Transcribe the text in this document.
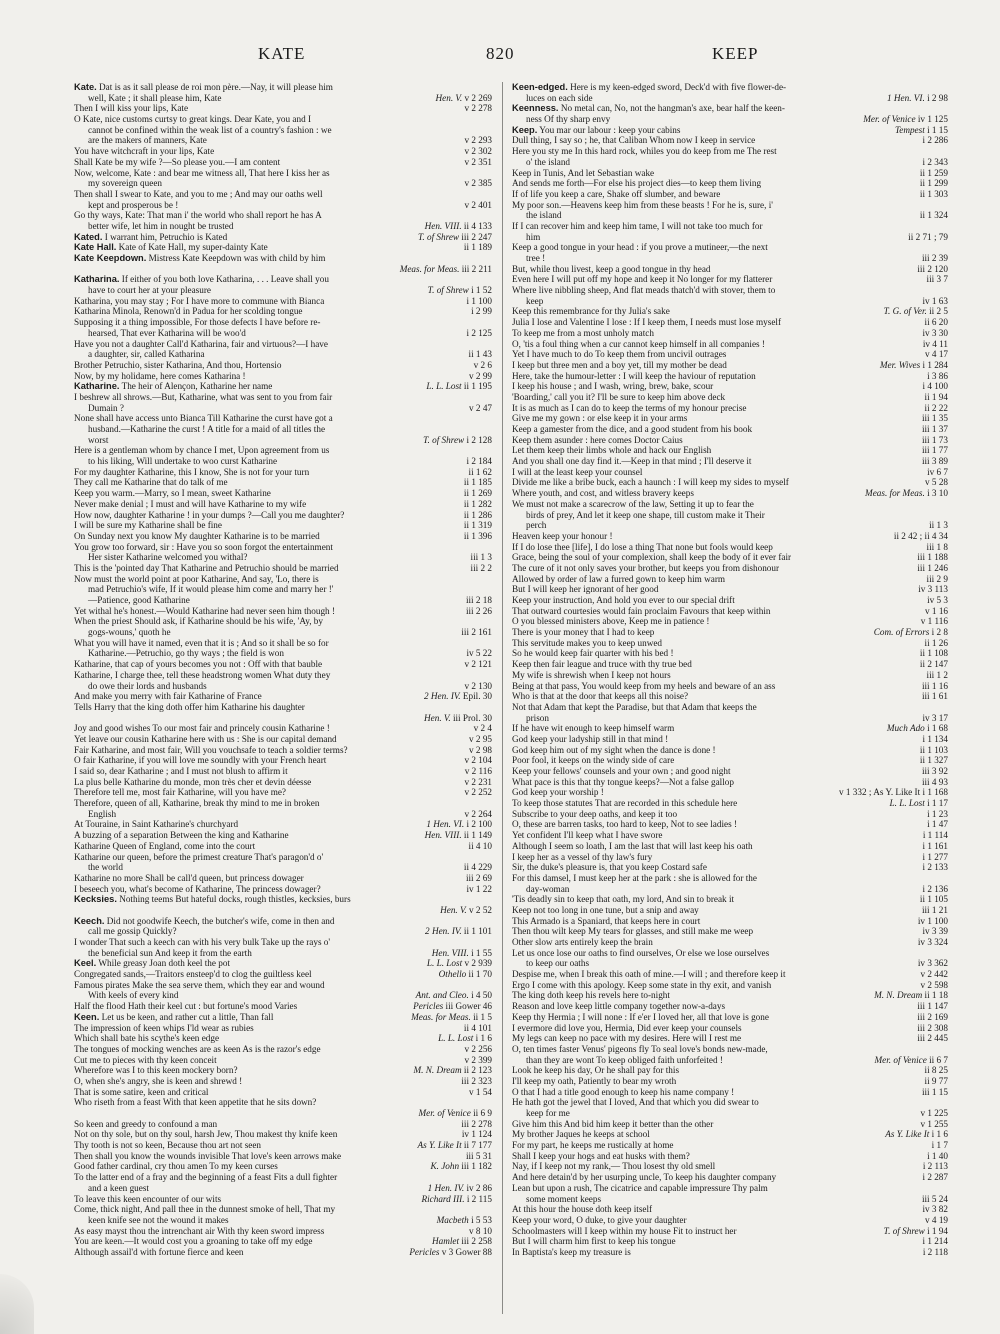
KATE	820	KEEP
Kate. Dat is as it sall please de roi mon père.—Nay, it will please him
well, Kate ; it shall please him, Kate	Hen. V. v 2 269
Then I will kiss your lips, Kate	v 2 278
O Kate, nice customs curtsy to great kings. Dear Kate, you and I
cannot be confined within the weak list of a country's fashion : we
are the makers of manners, Kate	v 2 293
You have witchcraft in your lips, Kate	v 2 302
Shall Kate be my wife ?—So please you.—I am content	v 2 351
Now, welcome, Kate : and bear me witness all, That here I kiss her as
my sovereign queen	v 2 385
Then shall I swear to Kate, and you to me ; And may our oaths well
kept and prosperous be !	v 2 401
Go thy ways, Kate: That man i' the world who shall report he has A
better wife, let him in nought be trusted	Hen. VIII. ii 4 133
Kated. I warrant him, Petruchio is Kated	T. of Shrew iii 2 247
Kate Hall. Kate of Kate Hall, my super-dainty Kate	ii 1 189
Kate Keepdown. Mistress Kate Keepdown was with child by him
Meas. for Meas. iii 2 211
Katharina. If either of you both love Katharina, . . . Leave shall you
have to court her at your pleasure	T. of Shrew i 1 52
Katharina, you may stay ; For I have more to commune with Bianca	i 1 100
Katharina Minola, Renown'd in Padua for her scolding tongue	i 2 99
Supposing it a thing impossible, For those defects I have before re-
hearsed, That ever Katharina will be woo'd	i 2 125
Have you not a daughter Call'd Katharina, fair and virtuous?—I have
a daughter, sir, called Katharina	ii 1 43
Brother Petruchio, sister Katharina, And thou, Hortensio	v 2 6
Now, by my holidame, here comes Katharina !	v 2 99
Katharine. The heir of Alençon, Katharine her name	L. L. Lost ii 1 195
I beshrew all shrows.—But, Katharine, what was sent to you from fair
Dumain ?	v 2 47
None shall have access unto Bianca Till Katharine the curst have got a
husband.—Katharine the curst ! A title for a maid of all titles the
worst	T. of Shrew i 2 128
Here is a gentleman whom by chance I met, Upon agreement from us
to his liking, Will undertake to woo curst Katharine	i 2 184
For my daughter Katharine, this I know, She is not for your turn	ii 1 62
They call me Katharine that do talk of me	ii 1 185
Keep you warm.—Marry, so I mean, sweet Katharine	ii 1 269
Never make denial ; I must and will have Katharine to my wife	ii 1 282
How now, daughter Katharine ! in your dumps ?—Call you me daughter?	ii 1 286
I will be sure my Katharine shall be fine	ii 1 319
On Sunday next you know My daughter Katharine is to be married	ii 1 396
You grow too forward, sir : Have you so soon forgot the entertainment
Her sister Katharine welcomed you withal?	iii 1 3
This is the 'pointed day That Katharine and Petruchio should be married	iii 2 2
Now must the world point at poor Katharine, And say, 'Lo, there is
mad Petruchio's wife, If it would please him come and marry her !'
—Patience, good Katharine	iii 2 18
Yet withal he's honest.—Would Katharine had never seen him though !	iii 2 26
When the priest Should ask, if Katharine should be his wife, 'Ay, by
gogs-wouns,' quoth he	iii 2 161
What you will have it named, even that it is ; And so it shall be so for
Katharine.—Petruchio, go thy ways ; the field is won	iv 5 22
Katharine, that cap of yours becomes you not : Off with that bauble	v 2 121
Katharine, I charge thee, tell these headstrong women What duty they
do owe their lords and husbands	v 2 130
And make you merry with fair Katharine of France	2 Hen. IV. Epil. 30
Tells Harry that the king doth offer him Katharine his daughter
Hen. V. iii Prol. 30
Joy and good wishes To our most fair and princely cousin Katharine !	v 2 4
Yet leave our cousin Katharine here with us : She is our capital demand	v 2 95
Fair Katharine, and most fair, Will you vouchsafe to teach a soldier terms?	v 2 98
O fair Katharine, if you will love me soundly with your French heart	v 2 104
I said so, dear Katharine ; and I must not blush to affirm it	v 2 116
La plus belle Katharine du monde, mon très cher et devin déesse	v 2 231
Therefore tell me, most fair Katharine, will you have me?	v 2 252
Therefore, queen of all, Katharine, break thy mind to me in broken
English	v 2 264
At Touraine, in Saint Katharine's churchyard	1 Hen. VI. i 2 100
A buzzing of a separation Between the king and Katharine	Hen. VIII. ii 1 149
Katharine Queen of England, come into the court	ii 4 10
Katharine our queen, before the primest creature That's paragon'd o'
the world	ii 4 229
Katharine no more Shall be call'd queen, but princess dowager	iii 2 69
I beseech you, what's become of Katharine, The princess dowager?	iv 1 22
Kecksies. Nothing teems But hateful docks, rough thistles, kecksies, burs
Hen. V. v 2 52
Keech. Did not goodwife Keech, the butcher's wife, come in then and
call me gossip Quickly?	2 Hen. IV. ii 1 101
I wonder That such a keech can with his very bulk Take up the rays o'
the beneficial sun And keep it from the earth	Hen. VIII. i 1 55
Keel. While greasy Joan doth keel the pot	L. L. Lost v 2 939
Congregated sands,—Traitors ensteep'd to clog the guiltless keel	Othello ii 1 70
Famous pirates Make the sea serve them, which they ear and wound
With keels of every kind	Ant. and Cleo. i 4 50
Half the flood Hath their keel cut : but fortune's mood Varies	Pericles iii Gower 46
Keen. Let us be keen, and rather cut a little, Than fall	Meas. for Meas. ii 1 5
The impression of keen whips I'ld wear as rubies	ii 4 101
Which shall bate his scythe's keen edge	L. L. Lost i 1 6
The tongues of mocking wenches are as keen As is the razor's edge	v 2 256
Cut me to pieces with thy keen conceit	v 2 399
Wherefore was I to this keen mockery born?	M. N. Dream ii 2 123
O, when she's angry, she is keen and shrewd !	iii 2 323
That is some satire, keen and critical	v 1 54
Who riseth from a feast With that keen appetite that he sits down?
Mer. of Venice ii 6 9
So keen and greedy to confound a man	iii 2 278
Not on thy sole, but on thy soul, harsh Jew, Thou makest thy knife keen	iv 1 124
Thy tooth is not so keen, Because thou art not seen	As Y. Like It ii 7 177
Then shall you know the wounds invisible That love's keen arrows make	iii 5 31
Good father cardinal, cry thou amen To my keen curses	K. John iii 1 182
To the latter end of a fray and the beginning of a feast Fits a dull fighter
and a keen guest	1 Hen. IV. iv 2 86
To leave this keen encounter of our wits	Richard III. i 2 115
Come, thick night, And pall thee in the dunnest smoke of hell, That my
keen knife see not the wound it makes	Macbeth i 5 53
As easy mayst thou the intrenchant air With thy keen sword impress	v 8 10
You are keen.—It would cost you a groaning to take off my edge	Hamlet iii 2 258
Although assail'd with fortune fierce and keen	Pericles v 3 Gower 88
Keen-edged. Here is my keen-edged sword, Deck'd with five flower-de-
luces on each side	1 Hen. VI. i 2 98
Keenness. No metal can, No, not the hangman's axe, bear half the keen-
ness Of thy sharp envy	Mer. of Venice iv 1 125
Keep. You mar our labour : keep your cabins	Tempest i 1 15
Dull thing, I say so ; he, that Caliban Whom now I keep in service	i 2 286
Here you sty me In this hard rock, whiles you do keep from me The rest
o' the island	i 2 343
Keep in Tunis, And let Sebastian wake	ii 1 259
And sends me forth—For else his project dies—to keep them living	ii 1 299
If of life you keep a care, Shake off slumber, and beware	ii 1 303
My poor son.—Heavens keep him from these beasts ! For he is, sure, i'
the island	ii 1 324
If I can recover him and keep him tame, I will not take too much for
him	ii 2 71 ; 79
Keep a good tongue in your head : if you prove a mutineer,—the next
tree !	iii 2 39
But, while thou livest, keep a good tongue in thy head	iii 2 120
Even here I will put off my hope and keep it No longer for my flatterer	iii 3 7
Where live nibbling sheep, And flat meads thatch'd with stover, them to
keep	iv 1 63
Keep this remembrance for thy Julia's sake	T. G. of Ver. ii 2 5
Julia I lose and Valentine I lose : If I keep them, I needs must lose myself	ii 6 20
To keep me from a most unholy match	iv 3 30
O, 'tis a foul thing when a cur cannot keep himself in all companies !	iv 4 11
Yet I have much to do To keep them from uncivil outrages	v 4 17
I keep but three men and a boy yet, till my mother be dead	Mer. Wives i 1 284
Here, take the humour-letter : I will keep the haviour of reputation	i 3 86
I keep his house ; and I wash, wring, brew, bake, scour	i 4 100
'Boarding,' call you it? I'll be sure to keep him above deck	ii 1 94
It is as much as I can do to keep the terms of my honour precise	ii 2 22
Give me my gown : or else keep it in your arms	iii 1 35
Keep a gamester from the dice, and a good student from his book	iii 1 37
Keep them asunder : here comes Doctor Caius	iii 1 73
Let them keep their limbs whole and hack our English	iii 1 77
And you shall one day find it.—Keep in that mind ; I'll deserve it	iii 3 89
I will at the least keep your counsel	iv 6 7
Divide me like a bribe buck, each a haunch : I will keep my sides to myself	v 5 28
Where youth, and cost, and witless bravery keeps	Meas. for Meas. i 3 10
We must not make a scarecrow of the law, Setting it up to fear the
birds of prey, And let it keep one shape, till custom make it Their
perch	ii 1 3
Heaven keep your honour !	ii 2 42 ; ii 4 34
If I do lose thee [life], I do lose a thing That none but fools would keep	iii 1 8
Grace, being the soul of your complexion, shall keep the body of it ever fair	iii 1 188
The cure of it not only saves your brother, but keeps you from dishonour	iii 1 246
Allowed by order of law a furred gown to keep him warm	iii 2 9
But I will keep her ignorant of her good	iv 3 113
Keep your instruction, And hold you ever to our special drift	iv 5 3
That outward courtesies would fain proclaim Favours that keep within	v 1 16
O you blessed ministers above, Keep me in patience !	v 1 116
There is your money that I had to keep	Com. of Errors i 2 8
This servitude makes you to keep unwed	ii 1 26
So he would keep fair quarter with his bed !	ii 1 108
Keep then fair league and truce with thy true bed	ii 2 147
My wife is shrewish when I keep not hours	iii 1 2
Being at that pass, You would keep from my heels and beware of an ass	iii 1 16
Who is that at the door that keeps all this noise?	iii 1 61
Not that Adam that kept the Paradise, but that Adam that keeps the
prison	iv 3 17
If he have wit enough to keep himself warm	Much Ado i 1 68
God keep your ladyship still in that mind !	i 1 134
God keep him out of my sight when the dance is done !	ii 1 103
Poor fool, it keeps on the windy side of care	ii 1 327
Keep your fellows' counsels and your own ; and good night	iii 3 92
What pace is this that thy tongue keeps?—Not a false gallop	iii 4 93
God keep your worship !	v 1 332 ; As Y. Like It i 1 168
To keep those statutes That are recorded in this schedule here	L. L. Lost i 1 17
Subscribe to your deep oaths, and keep it too	i 1 23
O, these are barren tasks, too hard to keep, Not to see ladies !	i 1 47
Yet confident I'll keep what I have swore	i 1 114
Although I seem so loath, I am the last that will last keep his oath	i 1 161
I keep her as a vessel of thy law's fury	i 1 277
Sir, the duke's pleasure is, that you keep Costard safe	i 2 133
For this damsel, I must keep her at the park : she is allowed for the
day-woman	i 2 136
'Tis deadly sin to keep that oath, my lord, And sin to break it	ii 1 105
Keep not too long in one tune, but a snip and away	iii 1 21
This Armado is a Spaniard, that keeps here in court	iv 1 100
Then thou wilt keep My tears for glasses, and still make me weep	iv 3 39
Other slow arts entirely keep the brain	iv 3 324
Let us once lose our oaths to find ourselves, Or else we lose ourselves
to keep our oaths	iv 3 362
Despise me, when I break this oath of mine.—I will ; and therefore keep it	v 2 442
Ergo I come with this apology. Keep some state in thy exit, and vanish	v 2 598
The king doth keep his revels here to-night	M. N. Dream ii 1 18
Reason and love keep little company together now-a-days	iii 1 147
Keep thy Hermia ; I will none : If e'er I loved her, all that love is gone	iii 2 169
I evermore did love you, Hermia, Did ever keep your counsels	iii 2 308
My legs can keep no pace with my desires. Here will I rest me	iii 2 445
O, ten times faster Venus' pigeons fly To seal love's bonds new-made,
than they are wont To keep obliged faith unforfeited !	Mer. of Venice ii 6 7
Look he keep his day, Or he shall pay for this	ii 8 25
I'll keep my oath, Patiently to bear my wroth	ii 9 77
O that I had a title good enough to keep his name company !	iii 1 15
He hath got the jewel that I loved, And that which you did swear to
keep for me	v 1 225
Give him this And bid him keep it better than the other	v 1 255
My brother Jaques he keeps at school	As Y. Like It i 1 6
For my part, he keeps me rustically at home	i 1 7
Shall I keep your hogs and eat husks with them?	i 1 40
Nay, if I keep not my rank,— Thou losest thy old smell	i 2 113
And here detain'd by her usurping uncle, To keep his daughter company	i 2 287
Lean but upon a rush, The cicatrice and capable impressure Thy palm
some moment keeps	iii 5 24
At this hour the house doth keep itself	iv 3 82
Keep your word, O duke, to give your daughter	v 4 19
Schoolmasters will I keep within my house Fit to instruct her	T. of Shrew i 1 94
But I will charm him first to keep his tongue	i 1 214
In Baptista's keep my treasure is	i 2 118
